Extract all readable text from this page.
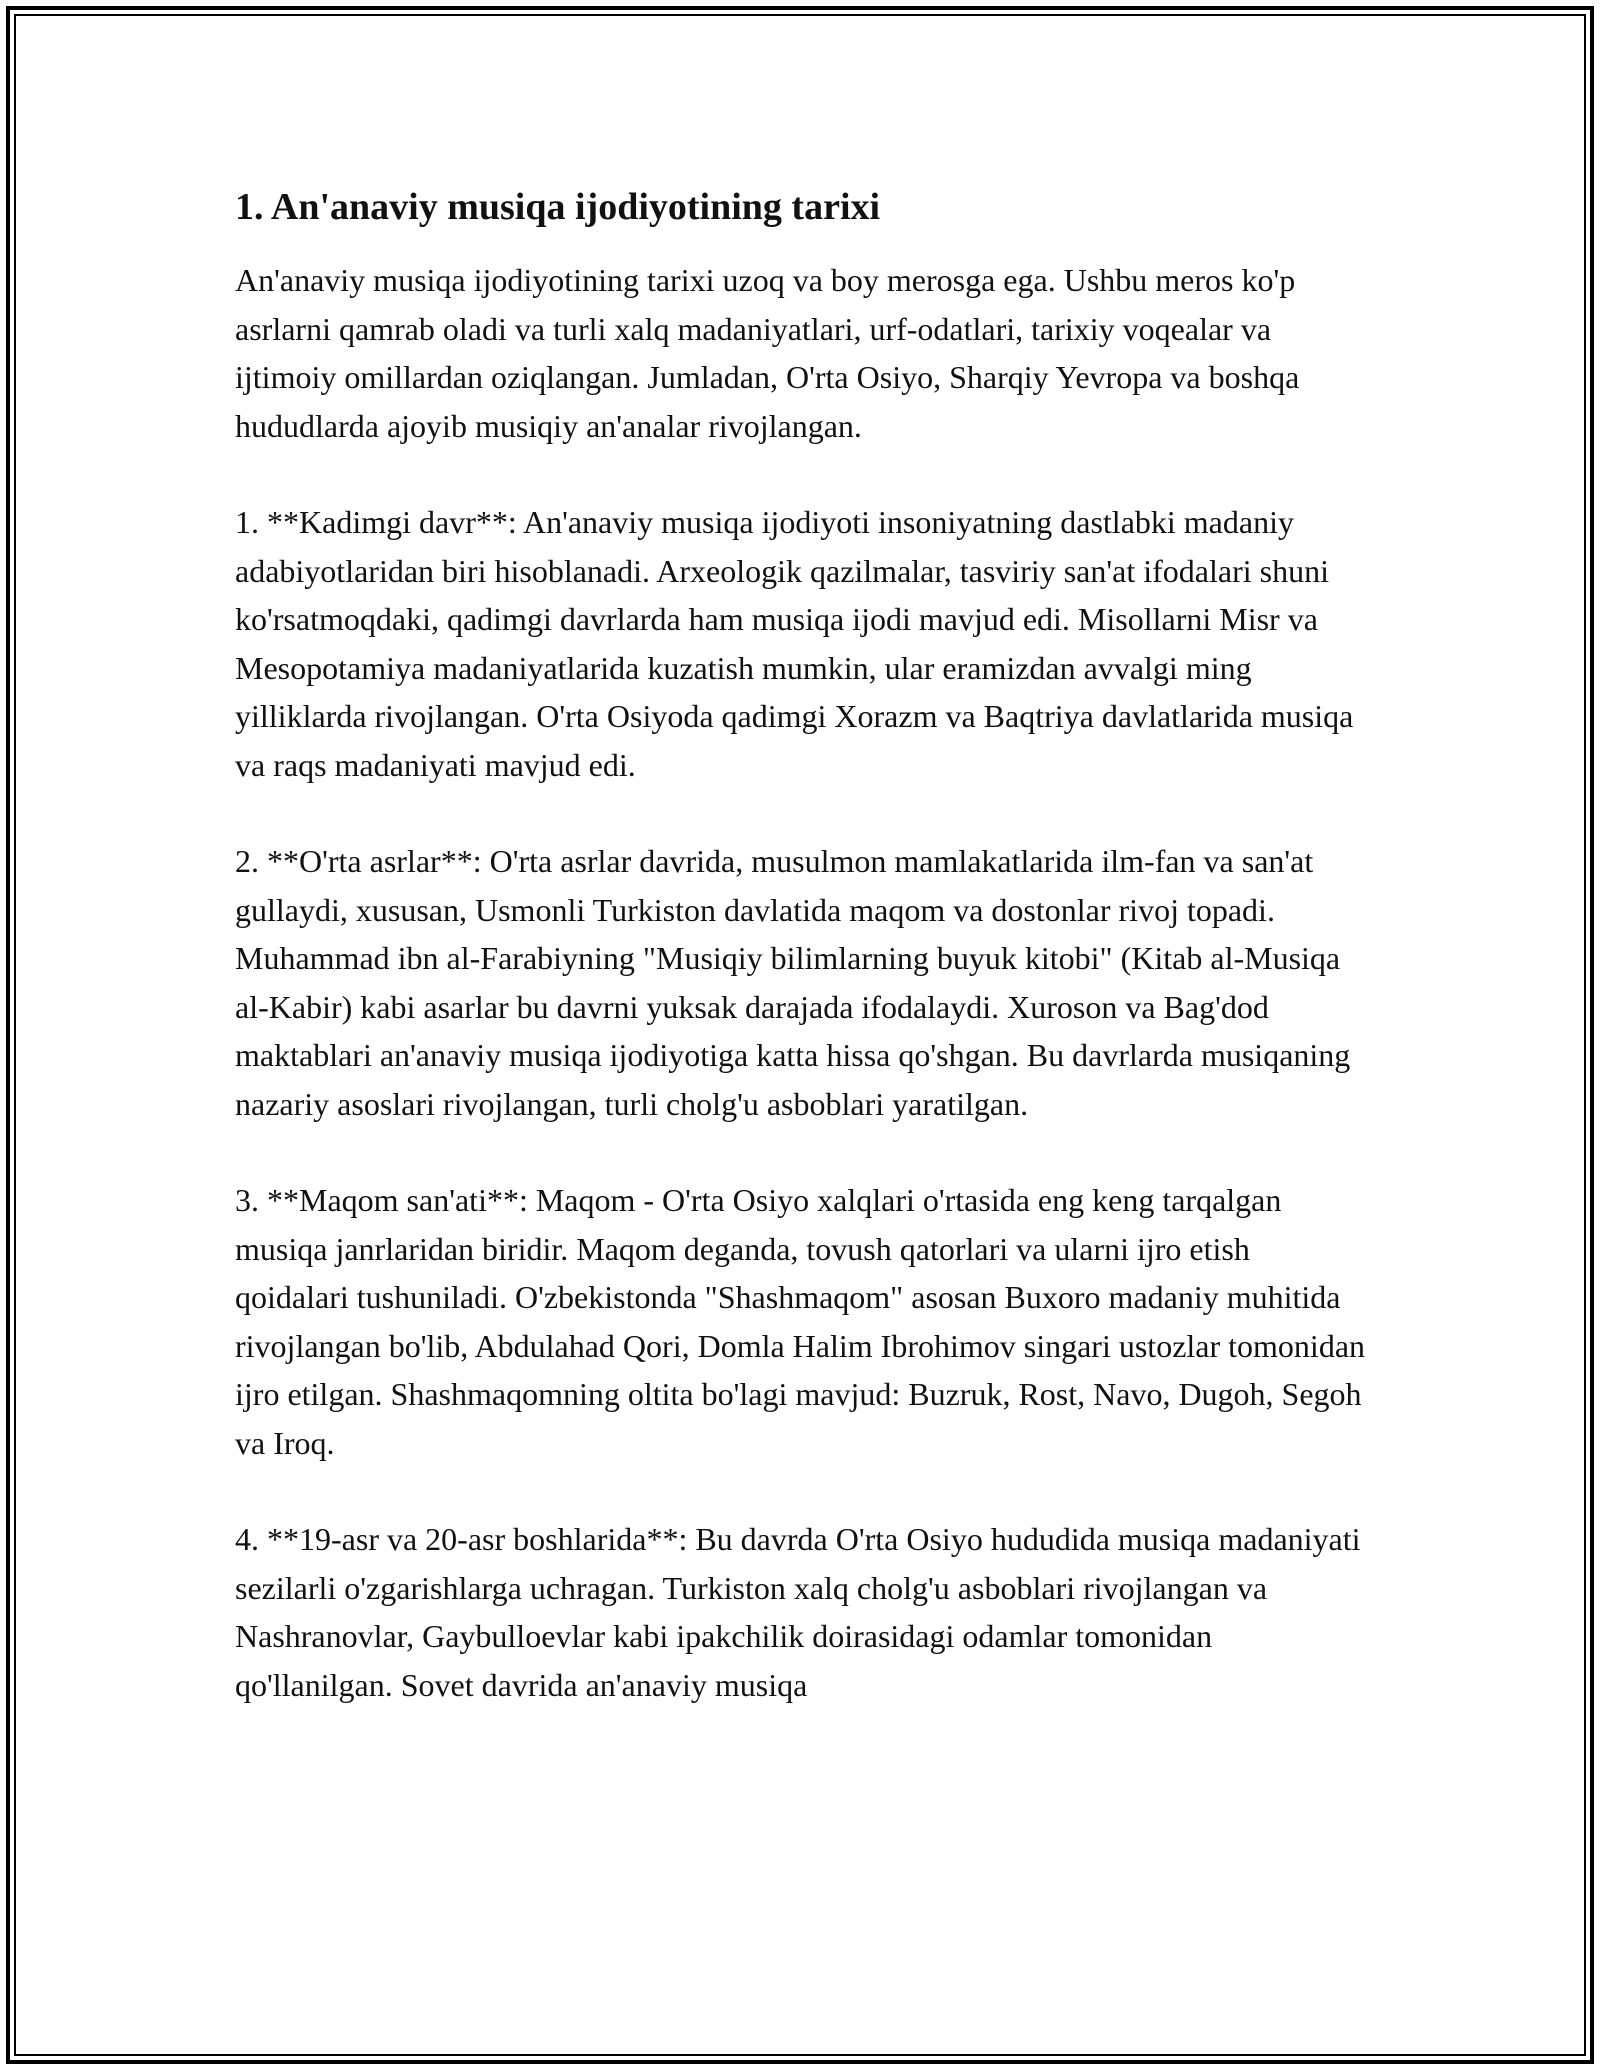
1. An'anaviy musiqa ijodiyotining tarixi

An'anaviy musiqa ijodiyotining tarixi uzoq va boy merosga ega. Ushbu meros ko'p asrlarni qamrab oladi va turli xalq madaniyatlari, urf-odatlari, tarixiy voqealar va ijtimoiy omillardan oziqlangan. Jumladan, O'rta Osiyo, Sharqiy Yevropa va boshqa hududlarda ajoyib musiqiy an'analar rivojlangan.

1. **Kadimgi davr**: An'anaviy musiqa ijodiyoti insoniyatning dastlabki madaniy adabiyotlaridan biri hisoblanadi. Arxeologik qazilmalar, tasviriy san'at ifodalari shuni ko'rsatmoqdaki, qadimgi davrlarda ham musiqa ijodi mavjud edi. Misollarni Misr va Mesopotamiya madaniyatlarida kuzatish mumkin, ular eramizdan avvalgi ming yilliklarda rivojlangan. O'rta Osiyoda qadimgi Xorazm va Baqtriya davlatlarida musiqa va raqs madaniyati mavjud edi.

2. **O'rta asrlar**: O'rta asrlar davrida, musulmon mamlakatlarida ilm-fan va san'at gullaydi, xususan, Usmonli Turkiston davlatida maqom va dostonlar rivoj topadi. Muhammad ibn al-Farabiyning "Musiqiy bilimlarning buyuk kitobi" (Kitab al-Musiqa al-Kabir) kabi asarlar bu davrni yuksak darajada ifodalaydi. Xuroson va Bag'dod maktablari an'anaviy musiqa ijodiyotiga katta hissa qo'shgan. Bu davrlarda musiqaning nazariy asoslari rivojlangan, turli cholg'u asboblari yaratilgan.

3. **Maqom san'ati**: Maqom - O'rta Osiyo xalqlari o'rtasida eng keng tarqalgan musiqa janrlaridan biridir. Maqom deganda, tovush qatorlari va ularni ijro etish qoidalari tushuniladi. O'zbekistonda "Shashmaqom" asosan Buxoro madaniy muhitida rivojlangan bo'lib, Abdulahad Qori, Domla Halim Ibrohimov singari ustozlar tomonidan ijro etilgan. Shashmaqomning oltita bo'lagi mavjud: Buzruk, Rost, Navo, Dugoh, Segoh va Iroq.

4. **19-asr va 20-asr boshlarida**: Bu davrda O'rta Osiyo hududida musiqa madaniyati sezilarli o'zgarishlarga uchragan. Turkiston xalq cholg'u asboblari rivojlangan va Nashranovlar, Gaybulloevlar kabi ipakchilik doirasidagi odamlar tomonidan qo'llanilgan. Sovet davrida an'anaviy musiqa
